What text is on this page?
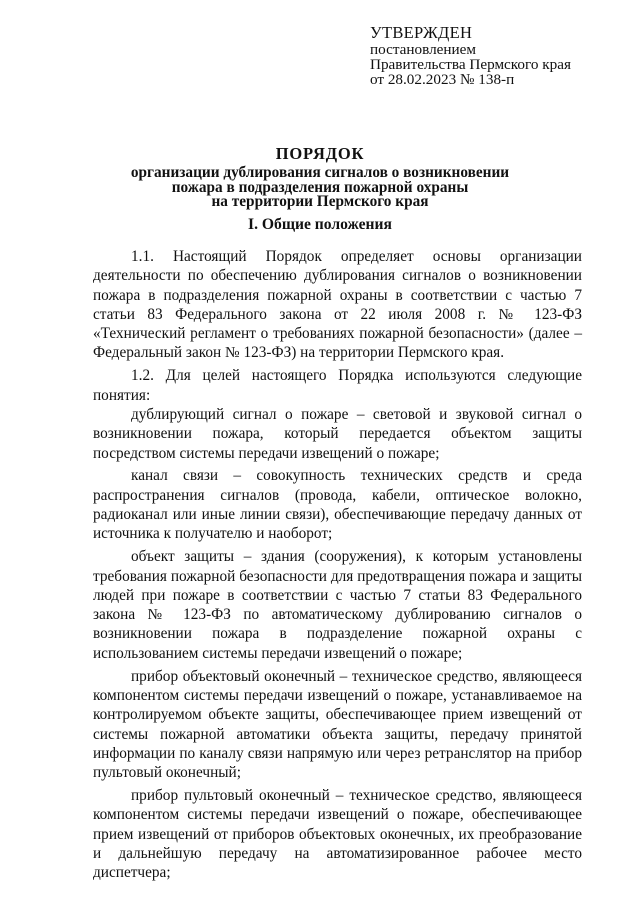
УТВЕРЖДЕН
постановлением
Правительства Пермского края
от 28.02.2023 № 138-п
ПОРЯДОК
организации дублирования сигналов о возникновении
пожара в подразделения пожарной охраны
на территории Пермского края
I. Общие положения

1.1. Настоящий Порядок определяет основы организации деятельности по обеспечению дублирования сигналов о возникновении пожара в подразделения пожарной охраны в соответствии с частью 7 статьи 83 Федерального закона от 22 июля 2008 г. № 123-ФЗ «Технический регламент о требованиях пожарной безопасности» (далее – Федеральный закон № 123-ФЗ) на территории Пермского края.

1.2. Для целей настоящего Порядка используются следующие понятия:

дублирующий сигнал о пожаре – световой и звуковой сигнал о возникновении пожара, который передается объектом защиты посредством системы передачи извещений о пожаре;

канал связи – совокупность технических средств и среда распространения сигналов (провода, кабели, оптическое волокно, радиоканал или иные линии связи), обеспечивающие передачу данных от источника к получателю и наоборот;

объект защиты – здания (сооружения), к которым установлены требования пожарной безопасности для предотвращения пожара и защиты людей при пожаре в соответствии с частью 7 статьи 83 Федерального закона № 123-ФЗ по автоматическому дублированию сигналов о возникновении пожара в подразделение пожарной охраны с использованием системы передачи извещений о пожаре;

прибор объектовый оконечный – техническое средство, являющееся компонентом системы передачи извещений о пожаре, устанавливаемое на контролируемом объекте защиты, обеспечивающее прием извещений от системы пожарной автоматики объекта защиты, передачу принятой информации по каналу связи напрямую или через ретранслятор на прибор пультовый оконечный;

прибор пультовый оконечный – техническое средство, являющееся компонентом системы передачи извещений о пожаре, обеспечивающее прием извещений от приборов объектовых оконечных, их преобразование и дальнейшую передачу на автоматизированное рабочее место диспетчера;
